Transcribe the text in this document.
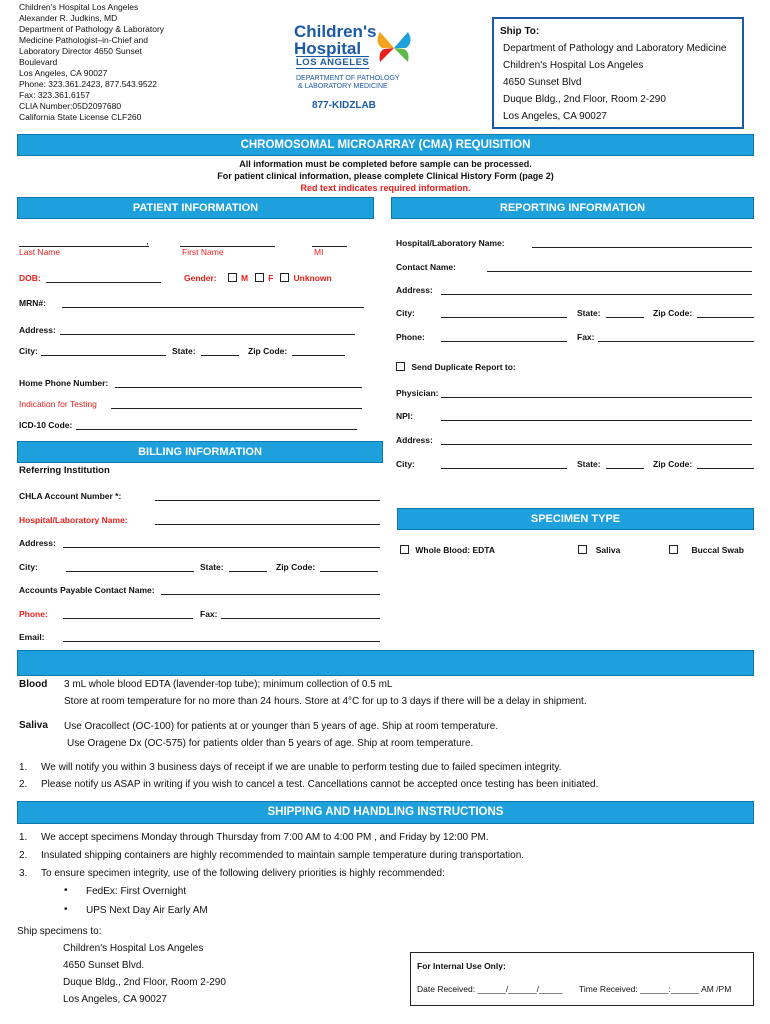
Children's Hospital Los Angeles
Alexander R. Judkins, MD
Department of Pathology & Laboratory
Medicine Pathologist–in-Chief and
Laboratory Director 4650 Sunset
Boulevard
Los Angeles, CA 90027
Phone: 323.361.2423, 877.543.9522
Fax: 323.361.6157
CLIA Number:05D2097680
California State License CLF260
Children's
Hospital
LOS ANGELES
DEPARTMENT OF PATHOLOGY
& LABORATORY MEDICINE
877-KIDZLAB
Ship To:
Department of Pathology and Laboratory Medicine
Children's Hospital Los Angeles
4650 Sunset Blvd
Duque Bldg., 2nd Floor, Room 2-290
Los Angeles, CA 90027
CHROMOSOMAL MICROARRAY (CMA) REQUISITION
All information must be completed before sample can be processed.
For patient clinical information, please complete Clinical History Form (page 2)
Red text indicates required information.
PATIENT INFORMATION
,
Last Name	First Name	MI
DOB:	Gender:	M F Unknown
MRN#:
Address:
City:	State:	Zip Code:
Home Phone Number:
Indication for Testing
ICD-10 Code:
BILLING INFORMATION
Referring Institution
CHLA Account Number *:
Hospital/Laboratory Name:
Address:
City:	State:	Zip Code:
Accounts Payable Contact Name:
Phone:	Fax:
Email:
REPORTING INFORMATION
Hospital/Laboratory Name:
Contact Name:
Address:
City:	State:	Zip Code:
Phone:	Fax:
Send Duplicate Report to:
Physician:
NPI:
Address:
City:	State:	Zip Code:
SPECIMEN TYPE
Whole Blood: EDTA	Saliva	Buccal Swab
Blood 3 mL whole blood EDTA (lavender-top tube); minimum collection of 0.5 mL
Store at room temperature for no more than 24 hours. Store at 4°C for up to 3 days if there will be a delay in shipment.
Saliva Use Oracollect (OC-100) for patients at or younger than 5 years of age. Ship at room temperature.
Use Oragene Dx (OC-575) for patients older than 5 years of age. Ship at room temperature.
1. We will notify you within 3 business days of receipt if we are unable to perform testing due to failed specimen integrity.
2. Please notify us ASAP in writing if you wish to cancel a test. Cancellations cannot be accepted once testing has been initiated.
SHIPPING AND HANDLING INSTRUCTIONS
1. We accept specimens Monday through Thursday from 7:00 AM to 4:00 PM , and Friday by 12:00 PM.
2. Insulated shipping containers are highly recommended to maintain sample temperature during transportation.
3. To ensure specimen integrity, use of the following delivery priorities is highly recommended:
• FedEx: First Overnight
• UPS Next Day Air Early AM
Ship specimens to:
Children's Hospital Los Angeles
4650 Sunset Blvd.
Duque Bldg., 2nd Floor, Room 2-290
Los Angeles, CA 90027
For Internal Use Only:
Date Received: ______/______/_____ Time Received: ______:______ AM /PM
